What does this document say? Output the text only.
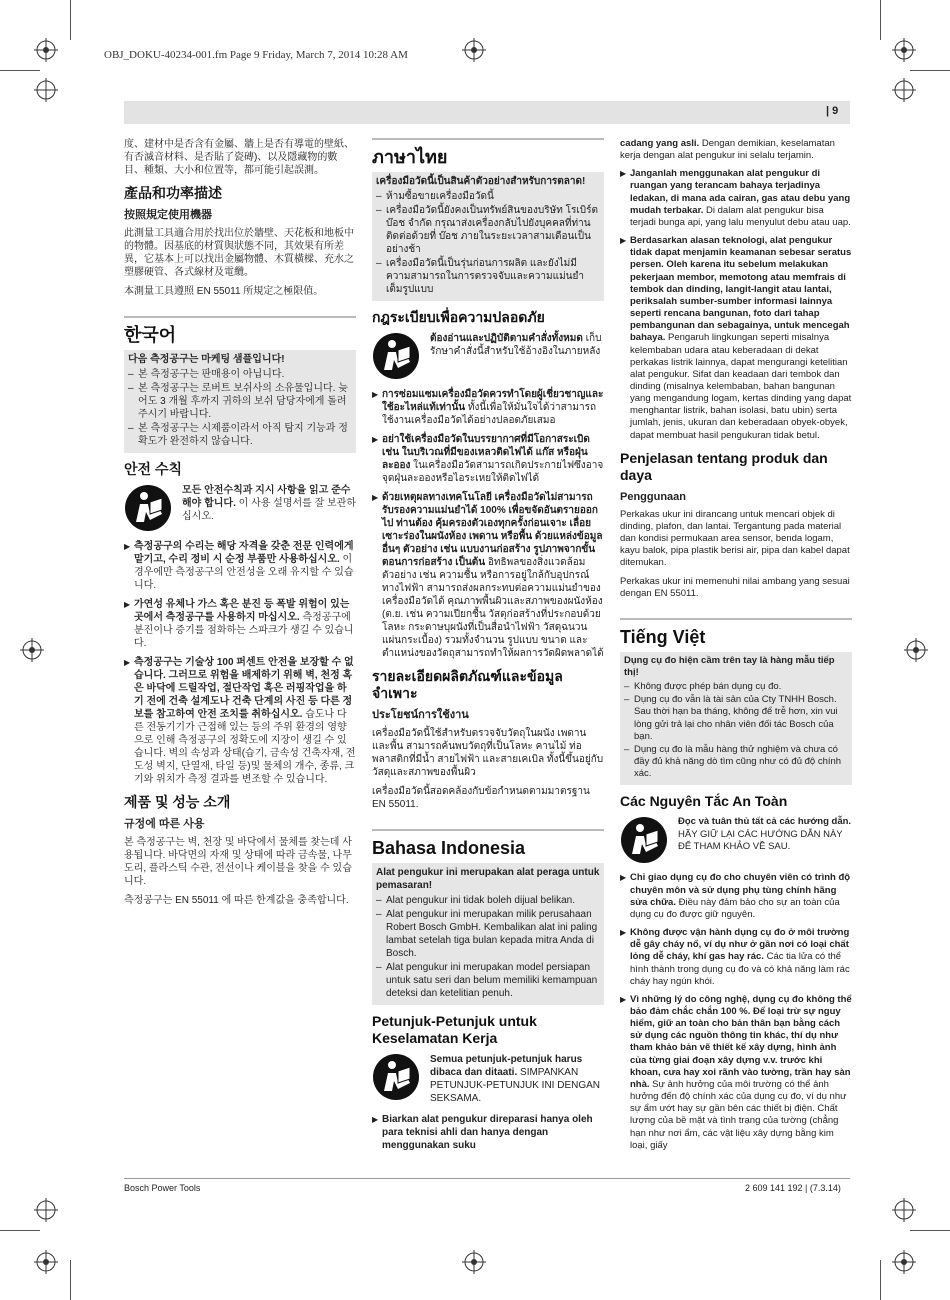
OBJ_DOKU-40234-001.fm Page 9 Friday, March 7, 2014 10:28 AM
| 9

度、建材中是否含有金屬、牆上是否有導電的壁紙、有否滅音材料、是否貼了瓷磚)、以及隱藏物的數目、種類、大小和位置等，都可能引起誤測。

產品和功率描述
按照規定使用機器

此測量工具適合用於找出位於牆壁、天花板和地板中的物體。因基底的材質與狀態不同，其效果有所差異，它基本上可以找出金屬物體、木質橫樑、充水之塑膠硬管、各式線材及電纜。

本測量工具遵照 EN 55011 所規定之極限值。

한국어
다음 측정공구는 마케팅 샘플입니다!
– 본 측정공구는 판매용이 아닙니다.
– 본 측정공구는 로버트 보쉬사의 소유물입니다. 늦어도 3 개월 후까지 귀하의 보쉬 담당자에게 돌려 주시기 바랍니다.
– 본 측정공구는 시제품이라서 아직 탐지 기능과 정확도가 완전하지 않습니다.
안전 수칙
모든 안전수칙과 지시 사항을 읽고 준수해야 합니다. 이 사용 설명서를 잘 보관하십시오.
▶ 측정공구의 수리는 해당 자격을 갖춘 전문 인력에게 맡기고, 수리 정비 시 순정 부품만 사용하십시오. 이 경우에만 측정공구의 안전성을 오래 유지할 수 있습니다.
▶ 가연성 유체나 가스 혹은 분진 등 폭발 위험이 있는 곳에서 측정공구를 사용하지 마십시오. 측정공구에 분진이나 증기를 점화하는 스파크가 생길 수 있습니다.
▶ 측정공구는 기술상 100 퍼센트 안전을 보장할 수 없습니다. 그러므로 위험을 배제하기 위해 벽, 천정 혹은 바닥에 드릴작업, 절단작업 혹은 러핑작업을 하기 전에 건축 설계도나 건축 단계의 사진 등 다른 정보를 참고하여 안전 조치를 취하십시오. 습도나 다른 전동기기가 근접해 있는 등의 주위 환경의 영향으로 인해 측정공구의 정확도에 지장이 생길 수 있습니다. 벽의 속성과 상태(습기, 금속성 건축자재, 전도성 벽지, 단열재, 타일 등)및 물체의 개수, 종류, 크기와 위치가 측정 결과를 변조할 수 있습니다.
제품 및 성능 소개
규정에 따른 사용

본 측정공구는 벽, 천장 및 바닥에서 물체를 찾는데 사용됩니다. 바닥면의 자재 및 상태에 따라 금속물, 나무도리, 플라스틱 수관, 전선이나 케이블을 찾을 수 있습니다.

측정공구는 EN 55011 에 따른 한계값을 충족합니다.

ภาษาไทย
เครื่องมือวัดนี้เป็นสินค้าตัวอย่างสำหรับการตลาด!
– ห้ามซื้อขายเครื่องมือวัดนี้
– เครื่องมือวัดนี้ยังคงเป็นทรัพย์สินของบริษัท โรเบิร์ต บ๊อช จำกัด กรุณาส่งเครื่องกลับไปยังบุคคลที่ท่านติดต่อด้วยที่ บ๊อช ภายในระยะเวลาสามเดือนเป็นอย่างช้า
– เครื่องมือวัดนี้เป็นรุ่นก่อนการผลิต และยังไม่มีความสามารถในการตรวจจับและความแม่นยำเต็มรูปแบบ
กฎระเบียบเพื่อความปลอดภัย
ต้องอ่านและปฏิบัติตามคำสั่งทั้งหมด เก็บรักษาคำสั่งนี้สำหรับใช้อ้างอิงในภายหลัง
▶ การซ่อมแซมเครื่องมือวัดควรทำโดยผู้เชี่ยวชาญและใช้อะไหล่แท้เท่านั้น ทั้งนี้เพื่อให้มั่นใจได้ว่าสามารถใช้งานเครื่องมือวัดได้อย่างปลอดภัยเสมอ
▶ อย่าใช้เครื่องมือวัดในบรรยากาศที่มีโอกาสระเบิด เช่น ในบริเวณที่มีของเหลวติดไฟได้ แก๊ส หรือฝุ่นละออง ในเครื่องมือวัดสามารถเกิดประกายไฟซึ่งอาจจุดฝุ่นละอองหรือไอระเหยให้ติดไฟได้
▶ ด้วยเหตุผลทางเทคโนโลยี เครื่องมือวัดไม่สามารถรับรองความแม่นยำได้ 100% เพื่อขจัดอันตรายออกไป ท่านต้อง คุ้มครองตัวเองทุกครั้งก่อนเจาะ เลื่อย เซาะร่องในผนังห้อง เพดาน หรือพื้น ด้วยแหล่งข้อมูลอื่นๆ ตัวอย่าง เช่น แบบงานก่อสร้าง รูปภาพจากขั้นตอนการก่อสร้าง เป็นต้น อิทธิพลของสิ่งแวดล้อม ตัวอย่าง เช่น ความชื้น หรือการอยู่ใกล้กับอุปกรณ์ทางไฟฟ้า สามารถส่งผลกระทบต่อความแม่นยำของเครื่องมือวัดได้ คุณภาพพื้นผิวและสภาพของผนังห้อง (ต.ย. เช่น ความเปียกชื้น วัสดุก่อสร้างที่ประกอบด้วยโลหะ กระดาษบุผนังที่เป็นสื่อนำไฟฟ้า วัสดุฉนวน แผ่นกระเบื้อง) รวมทั้งจำนวน รูปแบบ ขนาด และตำแหน่งของวัตถุสามารถทำให้ผลการวัดผิดพลาดได้
รายละเอียดผลิตภัณฑ์และข้อมูลจำเพาะ
ประโยชน์การใช้งาน

เครื่องมือวัดนี้ใช้สำหรับตรวจจับวัตถุในผนัง เพดาน และพื้น สามารถค้นพบวัตถุที่เป็นโลหะ คานไม้ ท่อพลาสติกที่มีน้ำ สายไฟฟ้า และสายเคเบิล ทั้งนี้ขึ้นอยู่กับวัสดุและสภาพของพื้นผิว

เครื่องมือวัดนี้สอดคล้องกับข้อกำหนดตามมาตรฐาน EN 55011.

Bahasa Indonesia
Alat pengukur ini merupakan alat peraga untuk pemasaran!
– Alat pengukur ini tidak boleh dijual belikan.
– Alat pengukur ini merupakan milik perusahaan Robert Bosch GmbH. Kembalikan alat ini paling lambat setelah tiga bulan kepada mitra Anda di Bosch.
– Alat pengukur ini merupakan model persiapan untuk satu seri dan belum memiliki kemampuan deteksi dan ketelitian penuh.
Petunjuk-Petunjuk untuk Keselamatan Kerja
Semua petunjuk-petunjuk harus dibaca dan ditaati. SIMPANKAN PETUNJUK-PETUNJUK INI DENGAN SEKSAMA.
▶ Biarkan alat pengukur direparasi hanya oleh para teknisi ahli dan hanya dengan menggunakan suku

cadang yang asli. Dengan demikian, keselamatan kerja dengan alat pengukur ini selalu terjamin.

▶ Janganlah menggunakan alat pengukur di ruangan yang terancam bahaya terjadinya ledakan, di mana ada cairan, gas atau debu yang mudah terbakar. Di dalam alat pengukur bisa terjadi bunga api, yang lalu menyulut debu atau uap.
▶ Berdasarkan alasan teknologi, alat pengukur tidak dapat menjamin keamanan sebesar seratus persen. Oleh karena itu sebelum melakukan pekerjaan membor, memotong atau memfrais di tembok dan dinding, langit-langit atau lantai, periksalah sumber-sumber informasi lainnya seperti rencana bangunan, foto dari tahap pembangunan dan sebagainya, untuk mencegah bahaya. Pengaruh lingkungan seperti misalnya kelembaban udara atau keberadaan di dekat perkakas listrik lainnya, dapat mengurangi ketelitian alat pengukur. Sifat dan keadaan dari tembok dan dinding (misalnya kelembaban, bahan bangunan yang mengandung logam, kertas dinding yang dapat menghantar listrik, bahan isolasi, batu ubin) serta jumlah, jenis, ukuran dan keberadaan obyek-obyek, dapat membuat hasil pengukuran tidak betul.
Penjelasan tentang produk dan daya
Penggunaan

Perkakas ukur ini dirancang untuk mencari objek di dinding, plafon, dan lantai. Tergantung pada material dan kondisi permukaan area sensor, benda logam, kayu balok, pipa plastik berisi air, pipa dan kabel dapat ditemukan.

Perkakas ukur ini memenuhi nilai ambang yang sesuai dengan EN 55011.

Tiếng Việt
Dụng cụ đo hiện cầm trên tay là hàng mẫu tiếp thị!
– Không được phép bán dụng cụ đo.
– Dụng cụ đo vẫn là tài sản của Cty TNHH Bosch. Sau thời hạn ba tháng, không để trễ hơn, xin vui lòng gửi trả lại cho nhân viên đối tác Bosch của bạn.
– Dụng cụ đo là mẫu hàng thử nghiệm và chưa có đầy đủ khả năng dò tìm cũng như có đủ độ chính xác.
Các Nguyên Tắc An Toàn
Đọc và tuân thủ tất cả các hướng dẫn. HÃY GIỮ LẠI CÁC HƯỚNG DẪN NÀY ĐỂ THAM KHẢO VỀ SAU.
▶ Chỉ giao dụng cụ đo cho chuyên viên có trình độ chuyên môn và sử dụng phụ tùng chính hãng sửa chữa. Điều này đảm bảo cho sự an toàn của dụng cụ đo được giữ nguyên.
▶ Không được vận hành dụng cụ đo ở môi trường dễ gây cháy nổ, ví dụ như ở gần nơi có loại chất lỏng dễ cháy, khí gas hay rác. Các tia lửa có thể hình thành trong dụng cụ đo và có khả năng làm rác cháy hay ngún khói.
▶ Vì những lý do công nghệ, dụng cụ đo không thể bảo đảm chắc chắn 100 %. Để loại trừ sự nguy hiểm, giữ an toàn cho bản thân bạn bằng cách sử dụng các nguồn thông tin khác, thí dụ như tham khảo bản vẽ thiết kế xây dựng, hình ảnh của từng giai đoạn xây dựng v.v. trước khi khoan, cưa hay xoi rãnh vào tường, trần hay sàn nhà. Sự ảnh hưởng của môi trường có thể ảnh hưởng đến độ chính xác của dụng cụ đo, ví dụ như sự ẩm ướt hay sự gần bên các thiết bị điện. Chất lượng của bề mặt và tình trạng của tường (chẳng hạn như nơi ẩm, các vật liệu xây dựng bằng kim loại, giấy
Bosch Power Tools	2 609 141 192 | (7.3.14)
